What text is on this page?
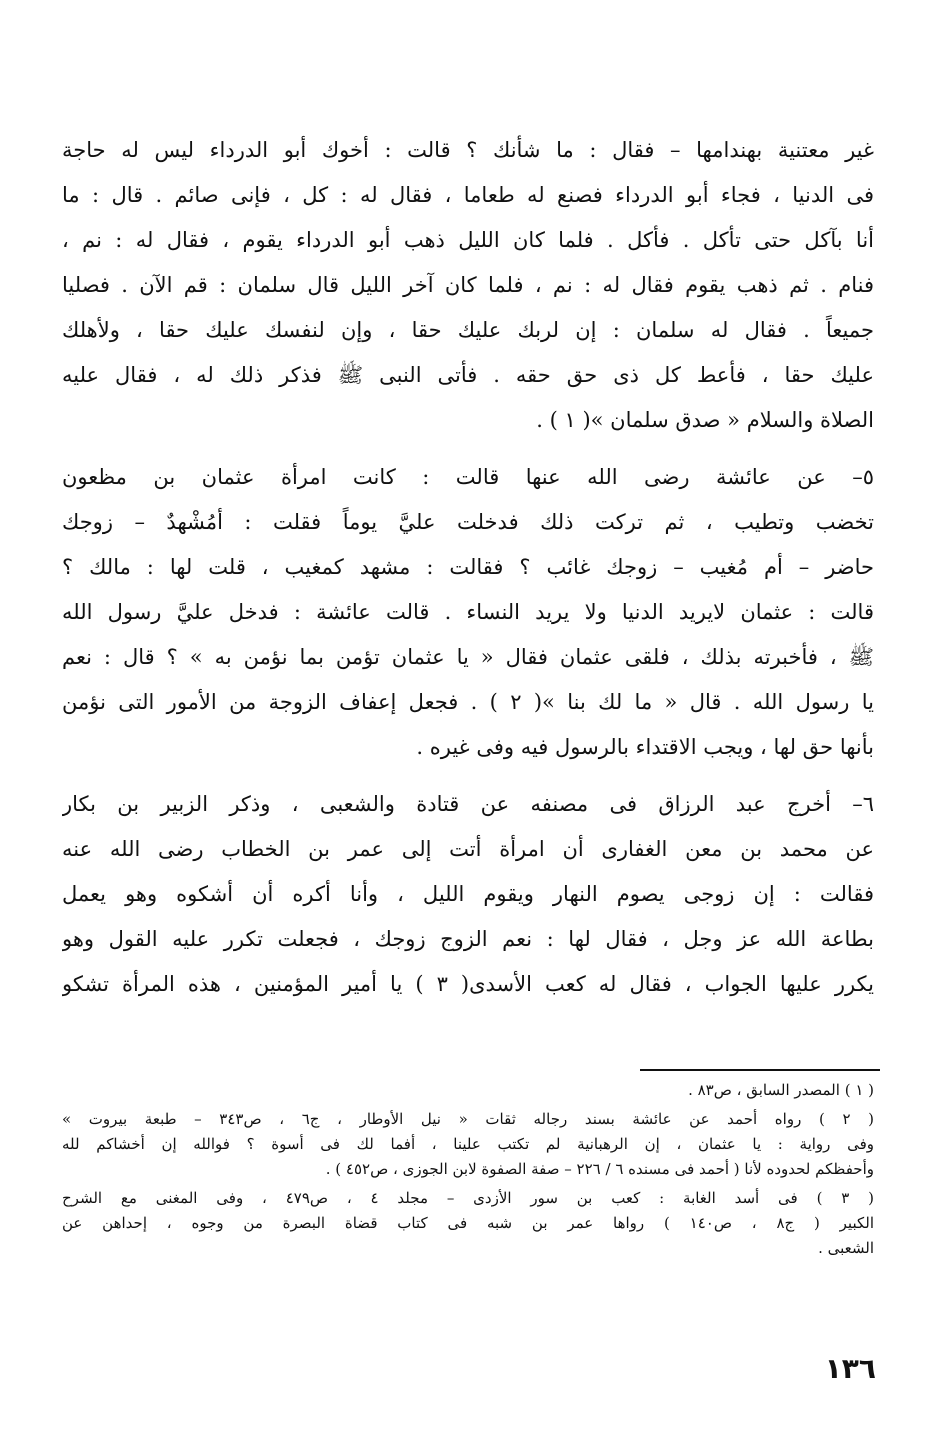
غير معتنية بهندامها – فقال : ما شأنك ؟ قالت : أخوك أبو الدرداء ليس له حاجة
فى الدنيا ، فجاء أبو الدرداء فصنع له طعاما ، فقال له : كل ، فإنى صائم . قال : ما
أنا بآكل حتى تأكل . فأكل . فلما كان الليل ذهب أبو الدرداء يقوم ، فقال له : نم ،
فنام . ثم ذهب يقوم فقال له : نم ، فلما كان آخر الليل قال سلمان : قم الآن . فصليا
جميعاً . فقال له سلمان : إن لربك عليك حقا ، وإن لنفسك عليك حقا ، ولأهلك
عليك حقا ، فأعط كل ذى حق حقه . فأتى النبى ﷺ فذكر ذلك له ، فقال عليه
الصلاة والسلام « صدق سلمان »( ١ ) .
٥– عن عائشة رضى الله عنها قالت : كانت امرأة عثمان بن مظعون
تخضب وتطيب ، ثم تركت ذلك فدخلت عليَّ يوماً فقلت : أمُشْهدٌ – زوجك
حاضر – أم مُغيب – زوجك غائب ؟ فقالت : مشهد كمغيب ، قلت لها : مالك ؟
قالت : عثمان لايريد الدنيا ولا يريد النساء . قالت عائشة : فدخل عليَّ رسول الله
ﷺ ، فأخبرته بذلك ، فلقى عثمان فقال « يا عثمان تؤمن بما نؤمن به » ؟ قال : نعم
يا رسول الله . قال « ما لك بنا »( ٢ ) . فجعل إعفاف الزوجة من الأمور التى نؤمن
بأنها حق لها ، ويجب الاقتداء بالرسول فيه وفى غيره .
٦– أخرج عبد الرزاق فى مصنفه عن قتادة والشعبى ، وذكر الزبير بن بكار
عن محمد بن معن الغفارى أن امرأة أتت إلى عمر بن الخطاب رضى الله عنه
فقالت : إن زوجى يصوم النهار ويقوم الليل ، وأنا أكره أن أشكوه وهو يعمل
بطاعة الله عز وجل ، فقال لها : نعم الزوج زوجك ، فجعلت تكرر عليه القول وهو
يكرر عليها الجواب ، فقال له كعب الأسدى( ٣ ) يا أمير المؤمنين ، هذه المرأة تشكو
( ١ ) المصدر السابق ، ص٨٣ .
( ٢ ) رواه أحمد عن عائشة بسند رجاله ثقات « نيل الأوطار ، ج٦ ، ص٣٤٣ – طبعة بيروت »
وفى رواية : يا عثمان ، إن الرهبانية لم تكتب علينا ، أفما لك فى أسوة ؟ فوالله إن أخشاكم لله
وأحفظكم لحدوده لأنا ( أحمد فى مسنده ٦ / ٢٢٦ – صفة الصفوة لابن الجوزى ، ص٤٥٢ ) .
( ٣ ) فى أسد الغابة : كعب بن سور الأزدى – مجلد ٤ ، ص٤٧٩ ، وفى المغنى مع الشرح
الكبير ( ج٨ ، ص١٤٠ ) رواها عمر بن شبه فى كتاب قضاة البصرة من وجوه ، إحداهن عن
الشعبى .
١٣٦
